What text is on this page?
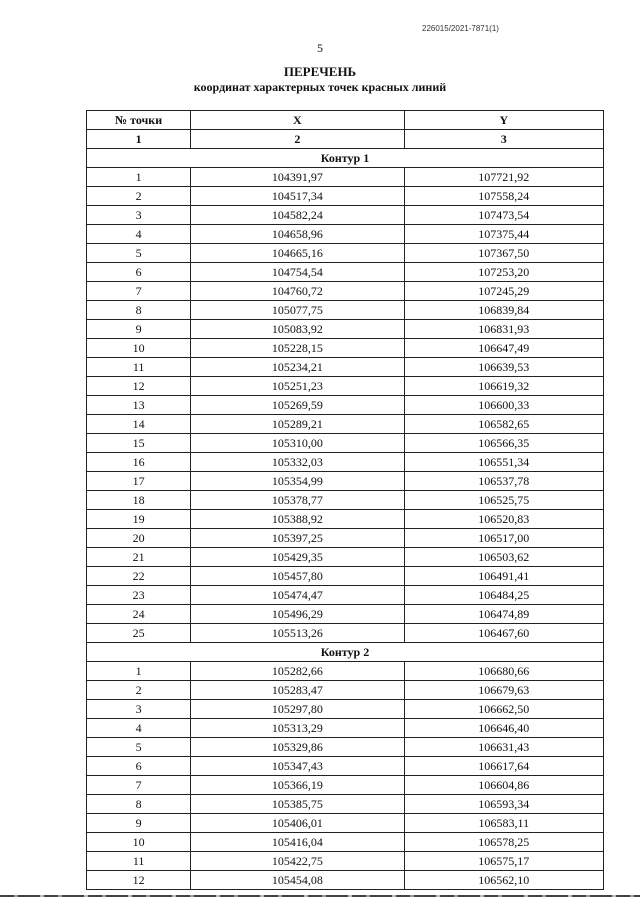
226015/2021-7871(1)
5
ПЕРЕЧЕНЬ
координат характерных точек красных линий
№ точки	X	Y
1	2	3
Контур 1		
1	104391,97	107721,92
2	104517,34	107558,24
3	104582,24	107473,54
4	104658,96	107375,44
5	104665,16	107367,50
6	104754,54	107253,20
7	104760,72	107245,29
8	105077,75	106839,84
9	105083,92	106831,93
10	105228,15	106647,49
11	105234,21	106639,53
12	105251,23	106619,32
13	105269,59	106600,33
14	105289,21	106582,65
15	105310,00	106566,35
16	105332,03	106551,34
17	105354,99	106537,78
18	105378,77	106525,75
19	105388,92	106520,83
20	105397,25	106517,00
21	105429,35	106503,62
22	105457,80	106491,41
23	105474,47	106484,25
24	105496,29	106474,89
25	105513,26	106467,60
Контур 2		
1	105282,66	106680,66
2	105283,47	106679,63
3	105297,80	106662,50
4	105313,29	106646,40
5	105329,86	106631,43
6	105347,43	106617,64
7	105366,19	106604,86
8	105385,75	106593,34
9	105406,01	106583,11
10	105416,04	106578,25
11	105422,75	106575,17
12	105454,08	106562,10
